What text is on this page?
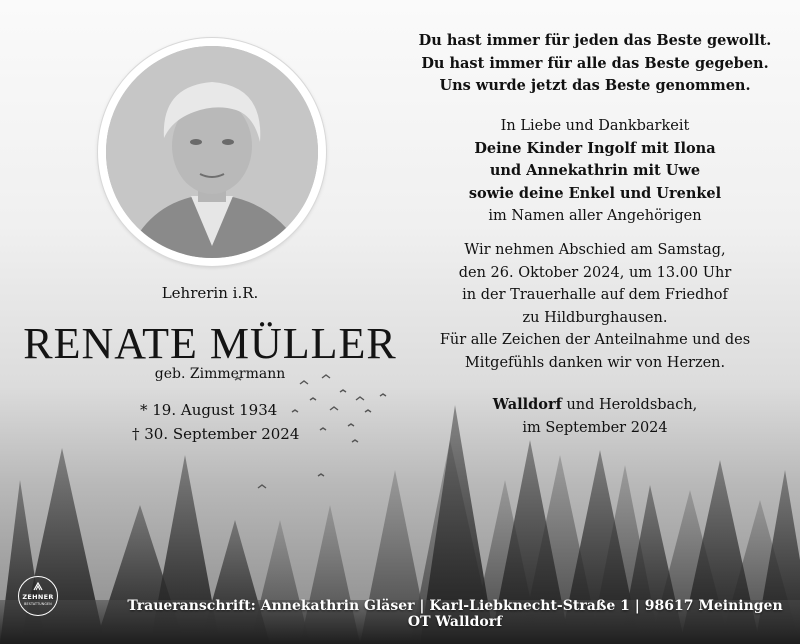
Lehrerin i.R.
RENATE MÜLLER
geb. Zimmermann
* 19. August 1934
† 30. September 2024
Du hast immer für jeden das Beste gewollt.
Du hast immer für alle das Beste gegeben.
Uns wurde jetzt das Beste genommen.
In Liebe und Dankbarkeit
Deine Kinder Ingolf mit Ilona
und Annekathrin mit Uwe
sowie deine Enkel und Urenkel
im Namen aller Angehörigen
Wir nehmen Abschied am Samstag,
den 26. Oktober 2024, um 13.00 Uhr
in der Trauerhalle auf dem Friedhof
zu Hildburghausen.
Für alle Zeichen der Anteilnahme und des
Mitgefühls danken wir von Herzen.
Walldorf und Heroldsbach,
im September 2024
ZEHNER
BESTATTUNGEN	Traueranschrift: Annekathrin Gläser | Karl-Liebknecht-Straße 1 | 98617 Meiningen OT Walldorf
